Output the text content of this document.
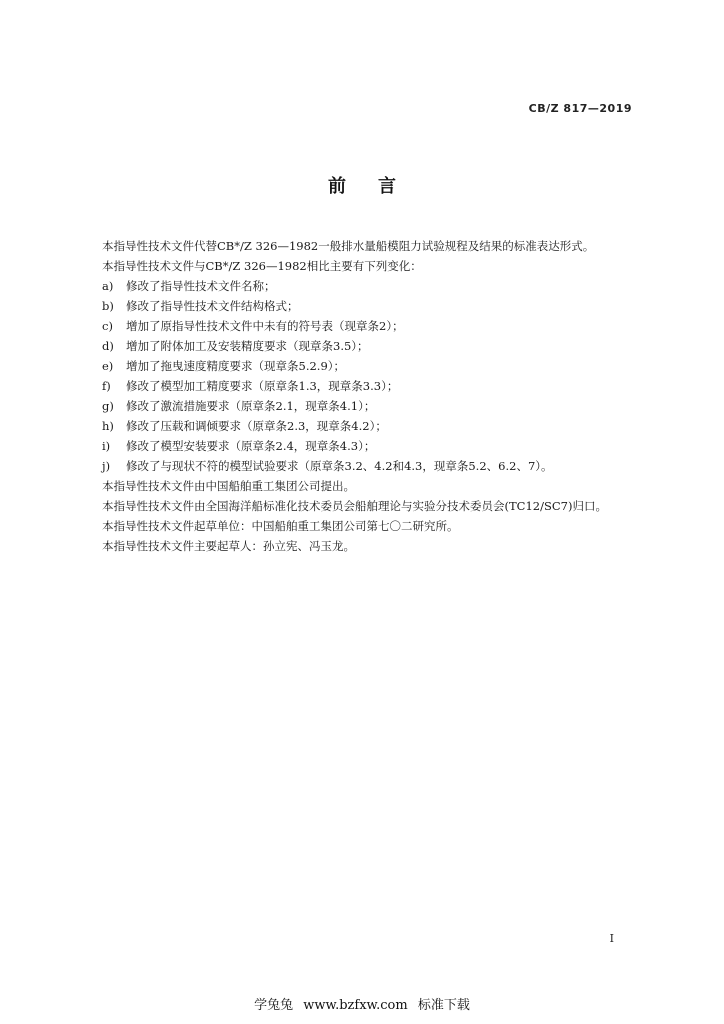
CB/Z 817—2019
前 言
本指导性技术文件代替CB*/Z 326—1982一般排水量船模阻力试验规程及结果的标准表达形式。
本指导性技术文件与CB*/Z 326—1982相比主要有下列变化：
a)	修改了指导性技术文件名称；
b)	修改了指导性技术文件结构格式；
c)	增加了原指导性技术文件中未有的符号表（现章条2）；
d)	增加了附体加工及安装精度要求（现章条3.5）；
e)	增加了拖曳速度精度要求（现章条5.2.9）；
f)	修改了模型加工精度要求（原章条1.3，现章条3.3）；
g)	修改了激流措施要求（原章条2.1，现章条4.1）；
h)	修改了压载和调倾要求（原章条2.3，现章条4.2）；
i)	修改了模型安装要求（原章条2.4，现章条4.3）；
j)	修改了与现状不符的模型试验要求（原章条3.2、4.2和4.3，现章条5.2、6.2、7）。
本指导性技术文件由中国船舶重工集团公司提出。
本指导性技术文件由全国海洋船标准化技术委员会船舶理论与实验分技术委员会(TC12/SC7)归口。
本指导性技术文件起草单位：中国船舶重工集团公司第七〇二研究所。
本指导性技术文件主要起草人：孙立宪、冯玉龙。
I
学兔兔 www.bzfxw.com 标准下载
